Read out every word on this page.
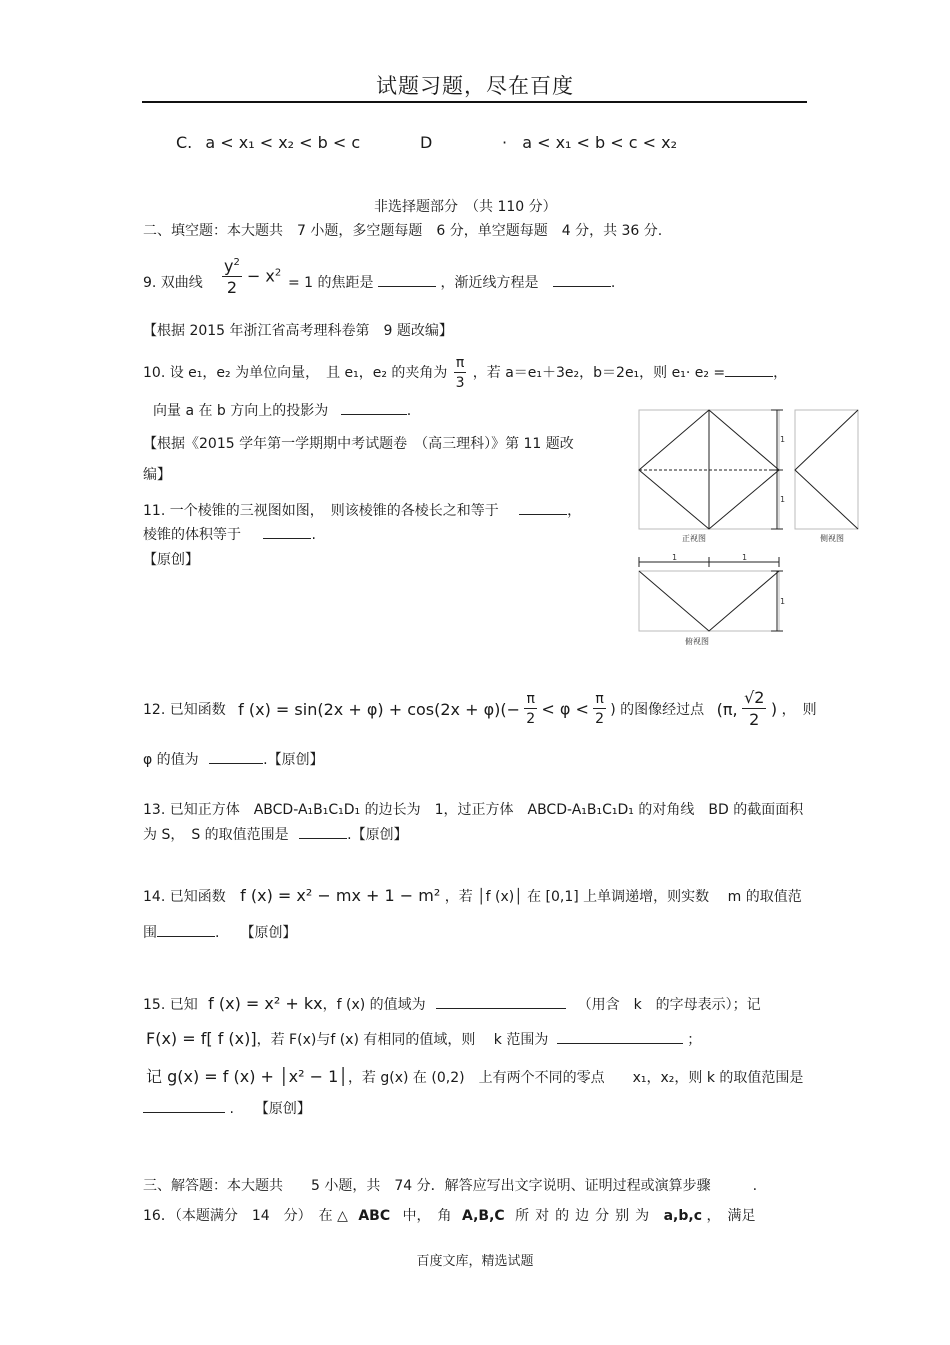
试题习题，尽在百度
C. a < x₁ < x₂ < b < c	D	· a < x₁ < b < c < x₂
非选择题部分　（共 110 分）
二、填空题：本大题共　7 小题，多空题每题　6 分，单空题每题　4 分，共 36 分.
9. 双曲线 $\frac{y^2}{2} - x^2$
= 1 的焦距是	，渐近线方程是	.
【根据 2015 年浙江省高考理科卷第　9 题改编】
10. 设 e₁，e₂ 为单位向量，　且 e₁，e₂ 的夹角为 $\frac{\pi}{3}$ ，若 a＝e₁＋3e₂，b＝2e₁，则 e₁· e₂ =	，
向量 a 在 b 方向上的投影为	.
【根据《2015 学年第一学期期中考试题卷　（高三理科）》第 11 题改
编】
11. 一个棱锥的三视图如图，　则该棱锥的各棱长之和等于	，
棱锥的体积等于	.
【原创】
1
1
1	1
1
正视图	侧视图
俯视图
12. 已知函数 f $(x) = \sin(2x + \varphi) + \cos(2x + \varphi)(- \frac{\pi}{2} < \varphi < \frac{\pi}{2}$ ) 的图像经过点 (π, $\frac{√2}{2}$ ) ，　则
φ 的值为	.【原创】
13. 已知正方体　ABCD-A₁B₁C₁D₁ 的边长为　1，过正方体　ABCD-A₁B₁C₁D₁ 的对角线　BD 的截面面积
为 S，　S 的取值范围是	.【原创】
14. 已知函数 f (x) = x² − mx + 1 − m² ，若 │f (x)│ 在 [0,1] 上单调递增，则实数　 m 的取值范
围	.　　【原创】
15. 已知 f (x) = x² + kx，f (x) 的值域为	　（用含　k　的字母表示）；记
F(x) = f[ f (x)]，若 F(x)与f (x) 有相同的值域，则　 k 范围为	；
记 g(x) = f (x) + │x² − 1│，若 g(x) 在 (0,2)　上有两个不同的零点　　x₁，x₂，则 k 的取值范围是
.　　【原创】
三、解答题：本大题共　　5 小题，共　74 分．解答应写出文字说明、证明过程或演算步骤　　　.
16．（本题满分　14　分）　在 △ ABC 中，　角 A,B,C 所对的边分别为 a,b,c ，　满足
百度文库，精选试题
